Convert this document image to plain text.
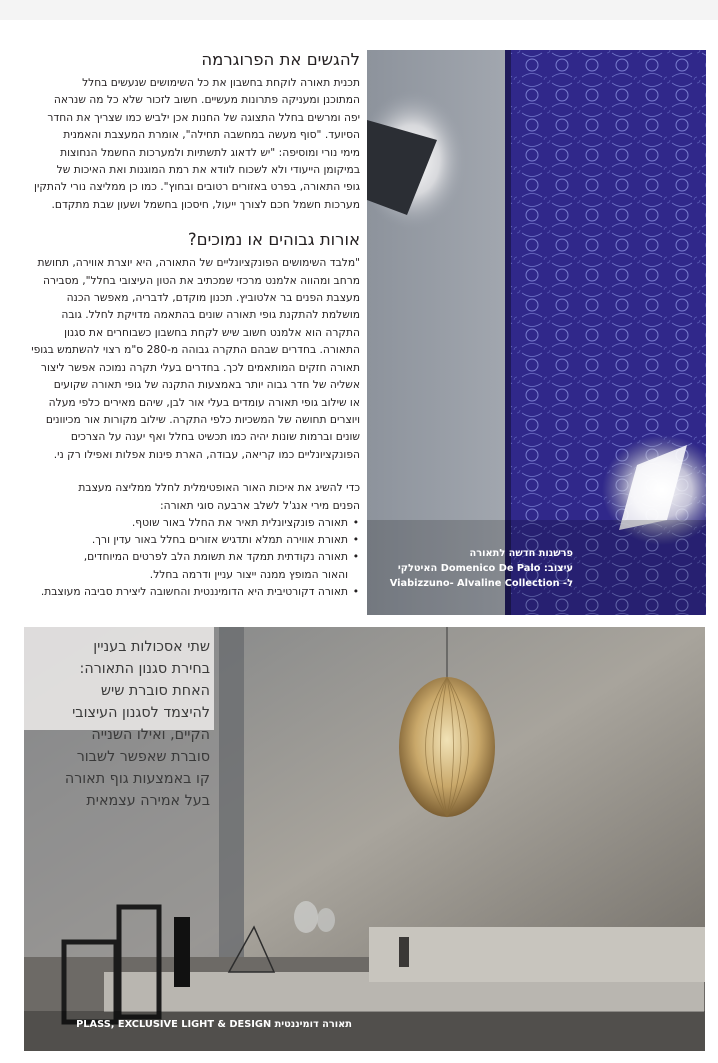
להגשים את הפרוגרמה

תכנית תאורה לוקחת בחשבון את כל השימושים שנעשים בחלל
המתוכנן ומעניקה פתרונות מעשיים. חשוב לזכור שלא כל מה שנראה
יפה ומרשים בחלל התצוגה של החנות אכן ילביש כמו שצריך את החדר
הסיועד. "סוף מעשה במחשבה תחילה", אומרת המעצבת והאמנית
מימי נורי ומוסיפה: "יש לדאוג לתשתיות ולמערכות החשמל הנחוצות
במיקומן הייעודי ולא לשכוח לוודא את רמת המוגנות ואת האיכות של
גופי התאורה, בפרט באזורים רטובים ובחוץ". כמו כן ממליצה נורי להתקין
מערכות חשמל חכם לצורך ייעול, חיסכון בחשמל ושעון שבת מתקדם.

אורות גבוהים או נמוכים?

"מלבד השימושים הפונקציונליים של התאורה, היא יוצרת אווירה, תחושת
מרחב ומהווה אלמנט מרכזי שמכתיב את הטון העיצובי בחלל", מסבירה
מעצבת הפנים בר אלטוביץ. תכנון מוקדם, לדבריה, מאפשר הכנה
מושלמת להתקנת גופי תאורה שונים בהתאמה מדויקת לחלל. גובה
התקרה הוא אלמנט חשוב שיש לקחת בחשבון כשבוחרים את סגנון
התאורה. בחדרים שבהם התקרה גבוהה מ-280 ס"מ רצוי להשתמש בגופי
תאורה חזקים המותאמים לכך. בחדרים בעלי תקרה נמוכה אפשר ליצור
אשליה של חדר גבוה יותר באמצעות התקנה של גופי תאורה שקועים
או שילוב גופי תאורה עומדים בעלי אור לבן, שיהם מאירים כלפי מעלה
ויוצרים תחושה של המשכיות כלפי התקרה. שילוב מקורות אור מכיוונים
שונים וברמות שונות יהיה כמו תכשיט בחלל ואף יענה על הצרכים
הפונקציונליים כמו קריאה, עבודה, הארת פינות אפלות ואפילו רק ני.

כדי להשיג את איכות האור האופטימלית לחלל ממליצה מעצבת
הפנים מירי אנג'ל לשלב ארבעה סוגי תאורה:

• תאורה פונקציונלית תאיר את החלל באור שוטף.
• תאורת אווירה תמלא ותדגיש אזורים בחלל באור עדין ורך.
• תאורה נקודתית תמקד את תשומת הלב לפרטים המיוחדים,
והאור המופץ ממנה ייצור עניין ודרמה בחלל.
• תאורה דקורטיבית היא הדומיננטית והחשובה ליצירת סביבה מעוצבת.
פרשנות חדשה לתאורה
עיצוב: Domenico De Palo האיטלקי
ל- Viabizzuno- Alvaline Collection
שתי אסכולות בעניין
בחירת סגנון התאורה:
האחת סוברת שיש
להיצמד לסגנון העיצובי
הקיים, ואילו השנייה
סוברת שאפשר לשבור
קו באמצעות גוף תאורה
בעל אמירה עצמאית
תאורה דומיננטית PLASS, EXCLUSIVE LIGHT & DESIGN
